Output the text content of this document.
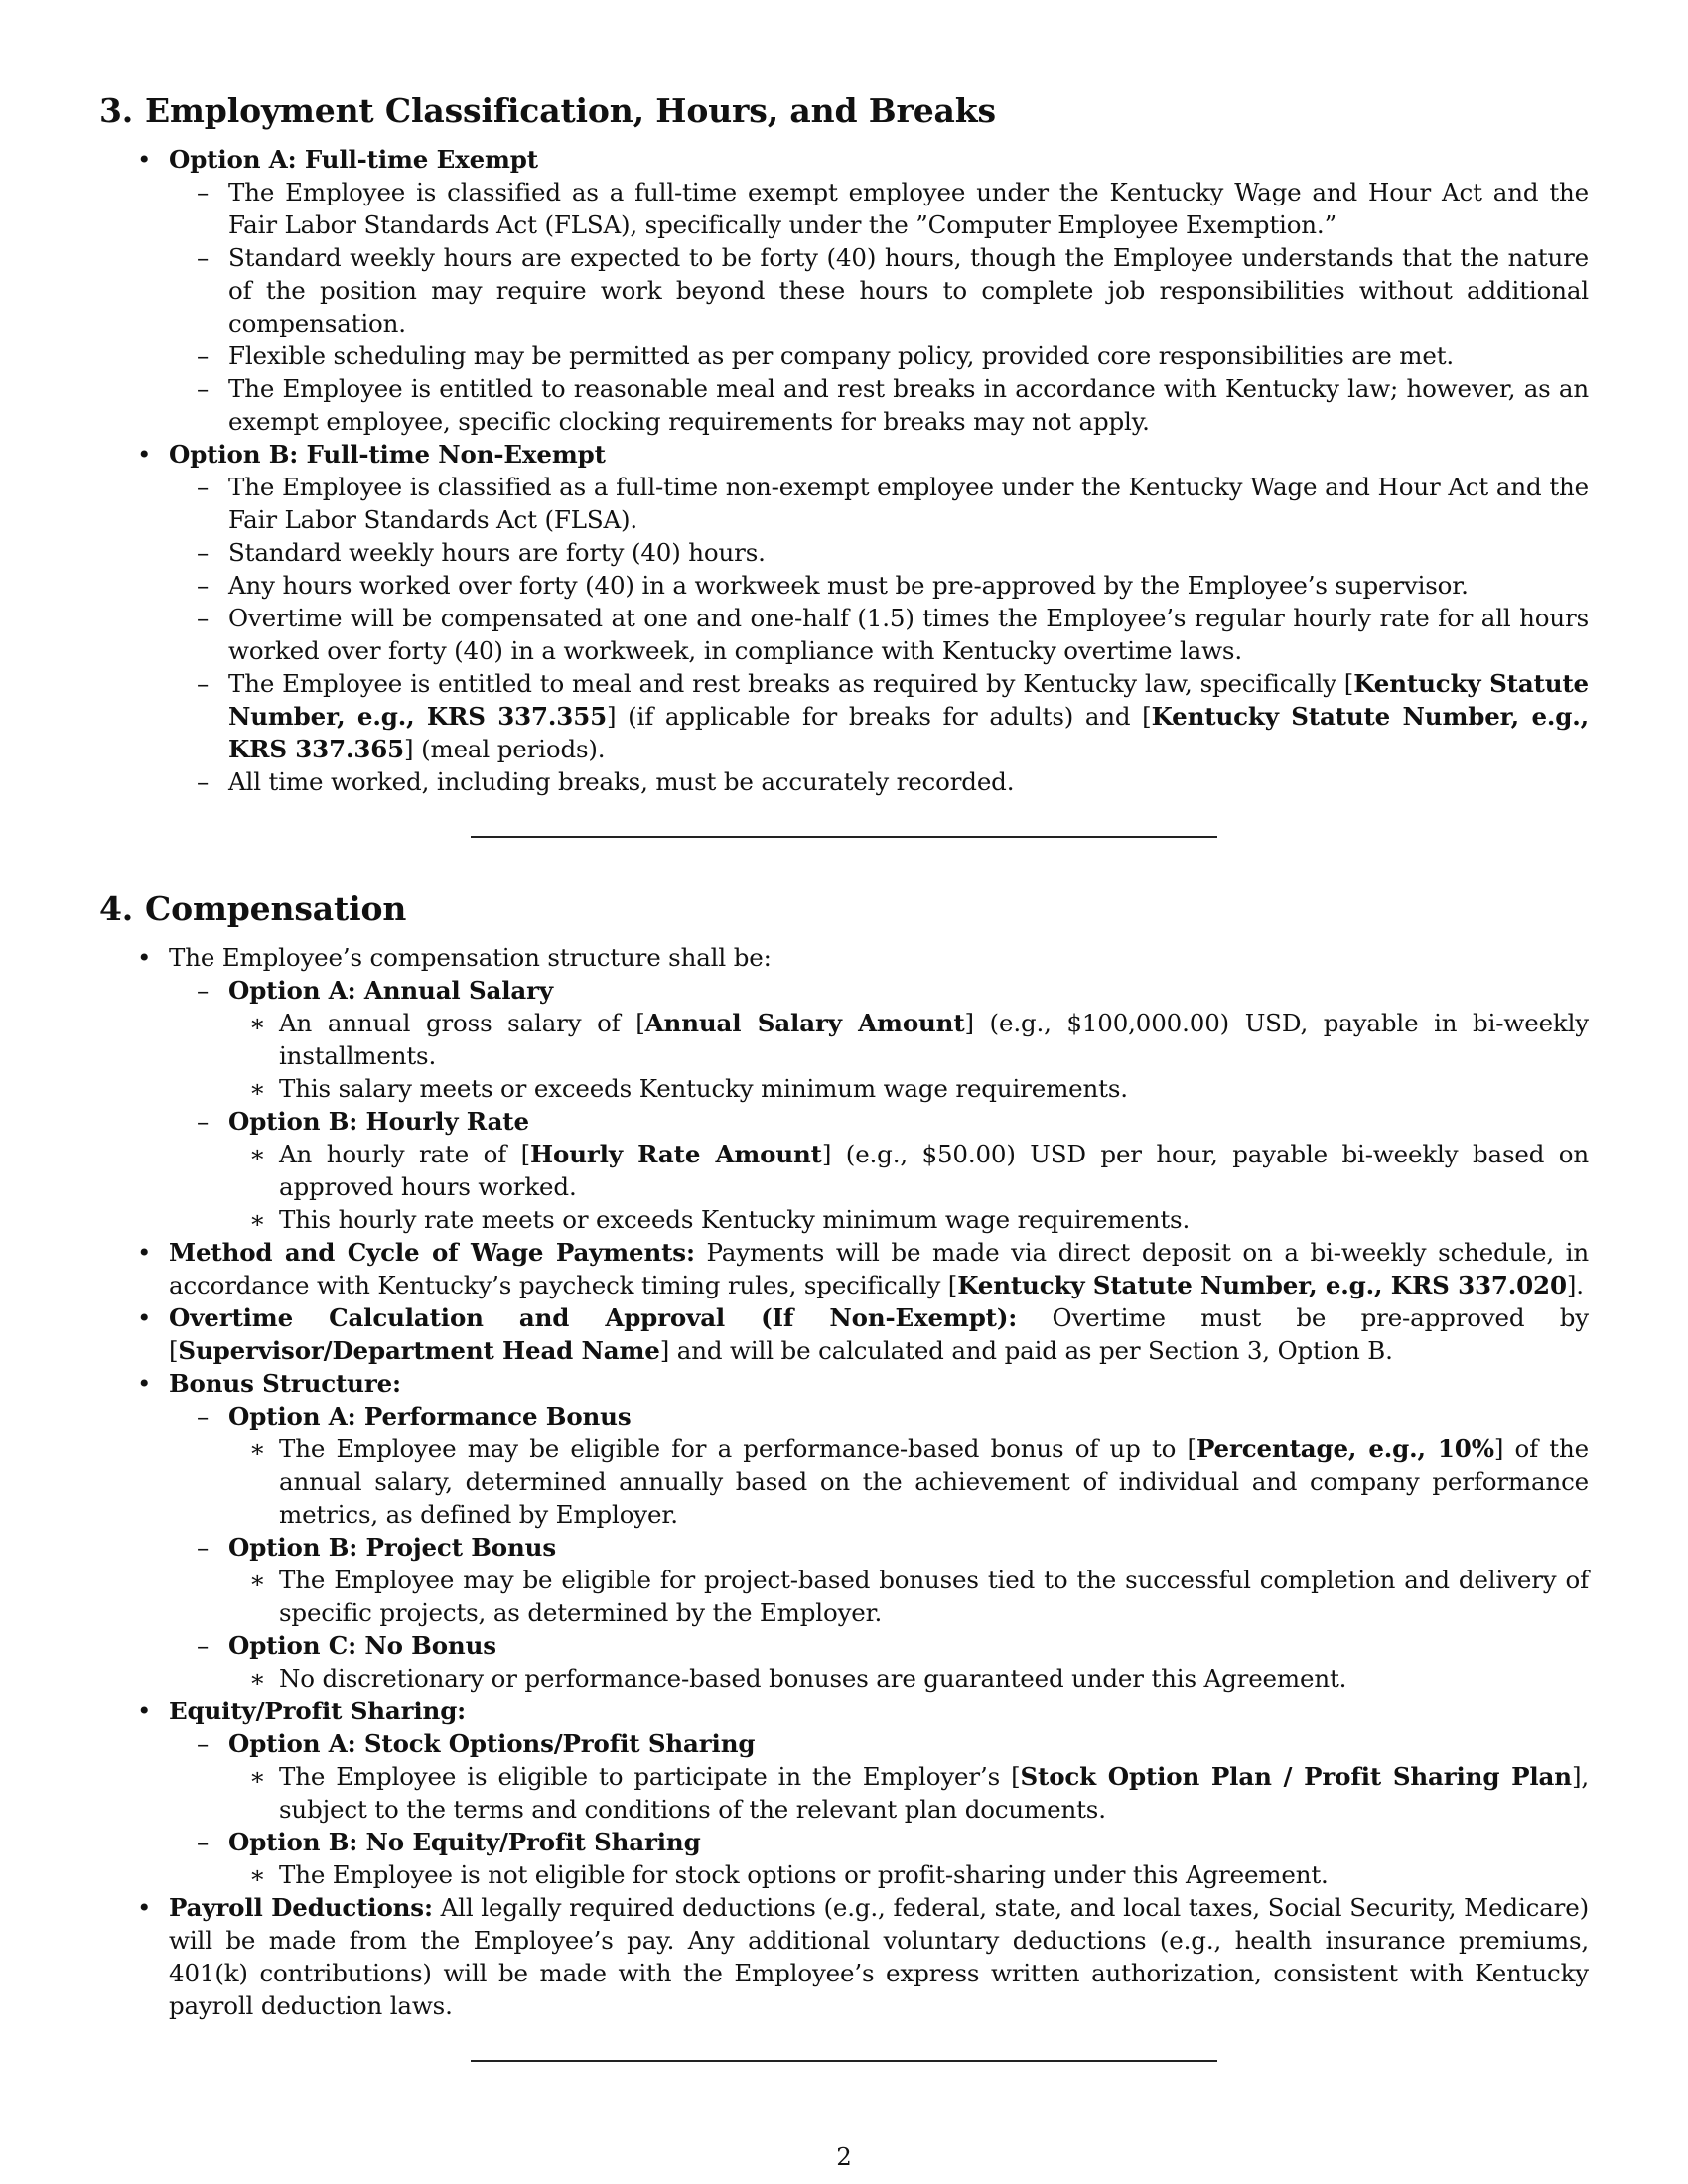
3. Employment Classification, Hours, and Breaks
• Option A: Full-time Exempt
– The Employee is classified as a full-time exempt employee under the Kentucky Wage and Hour Act and the Fair Labor Standards Act (FLSA), specifically under the ”Computer Employee Exemption.”
– Standard weekly hours are expected to be forty (40) hours, though the Employee understands that the nature of the position may require work beyond these hours to complete job responsibilities without additional compensation.
– Flexible scheduling may be permitted as per company policy, provided core responsibilities are met.
– The Employee is entitled to reasonable meal and rest breaks in accordance with Kentucky law; however, as an exempt employee, specific clocking requirements for breaks may not apply.
• Option B: Full-time Non-Exempt
– The Employee is classified as a full-time non-exempt employee under the Kentucky Wage and Hour Act and the Fair Labor Standards Act (FLSA).
– Standard weekly hours are forty (40) hours.
– Any hours worked over forty (40) in a workweek must be pre-approved by the Employee’s supervisor.
– Overtime will be compensated at one and one-half (1.5) times the Employee’s regular hourly rate for all hours worked over forty (40) in a workweek, in compliance with Kentucky overtime laws.
– The Employee is entitled to meal and rest breaks as required by Kentucky law, specifically [Kentucky Statute Number, e.g., KRS 337.355] (if applicable for breaks for adults) and [Kentucky Statute Number, e.g., KRS 337.365] (meal periods).
– All time worked, including breaks, must be accurately recorded.
4. Compensation
• The Employee’s compensation structure shall be:
– Option A: Annual Salary
∗ An annual gross salary of [Annual Salary Amount] (e.g., $100,000.00) USD, payable in bi-weekly installments.
∗ This salary meets or exceeds Kentucky minimum wage requirements.
– Option B: Hourly Rate
∗ An hourly rate of [Hourly Rate Amount] (e.g., $50.00) USD per hour, payable bi-weekly based on approved hours worked.
∗ This hourly rate meets or exceeds Kentucky minimum wage requirements.
• Method and Cycle of Wage Payments: Payments will be made via direct deposit on a bi-weekly schedule, in accordance with Kentucky’s paycheck timing rules, specifically [Kentucky Statute Number, e.g., KRS 337.020].
• Overtime Calculation and Approval (If Non-Exempt): Overtime must be pre-approved by [Supervisor/Department Head Name] and will be calculated and paid as per Section 3, Option B.
• Bonus Structure:
– Option A: Performance Bonus
∗ The Employee may be eligible for a performance-based bonus of up to [Percentage, e.g., 10%] of the annual salary, determined annually based on the achievement of individual and company performance metrics, as defined by Employer.
– Option B: Project Bonus
∗ The Employee may be eligible for project-based bonuses tied to the successful completion and delivery of specific projects, as determined by the Employer.
– Option C: No Bonus
∗ No discretionary or performance-based bonuses are guaranteed under this Agreement.
• Equity/Profit Sharing:
– Option A: Stock Options/Profit Sharing
∗ The Employee is eligible to participate in the Employer’s [Stock Option Plan / Profit Sharing Plan], subject to the terms and conditions of the relevant plan documents.
– Option B: No Equity/Profit Sharing
∗ The Employee is not eligible for stock options or profit-sharing under this Agreement.
• Payroll Deductions: All legally required deductions (e.g., federal, state, and local taxes, Social Security, Medicare) will be made from the Employee’s pay. Any additional voluntary deductions (e.g., health insurance premiums, 401(k) contributions) will be made with the Employee’s express written authorization, consistent with Kentucky payroll deduction laws.
2
